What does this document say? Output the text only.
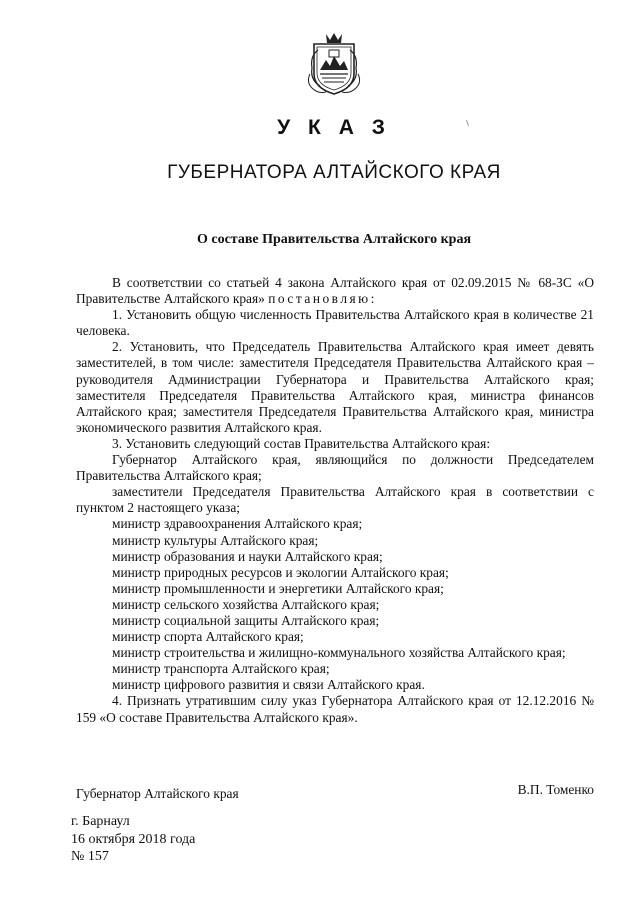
У К А З
ГУБЕРНАТОРА АЛТАЙСКОГО КРАЯ
О составе Правительства Алтайского края

В соответствии со статьей 4 закона Алтайского края от 02.09.2015 № 68-ЗС «О Правительстве Алтайского края» постановляю:

1. Установить общую численность Правительства Алтайского края в количестве 21 человека.

2. Установить, что Председатель Правительства Алтайского края имеет девять заместителей, в том числе: заместителя Председателя Правительства Алтайского края – руководителя Администрации Губернатора и Правительства Алтайского края; заместителя Председателя Правительства Алтайского края, министра финансов Алтайского края; заместителя Председателя Правительства Алтайского края, министра экономического развития Алтайского края.

3. Установить следующий состав Правительства Алтайского края:

Губернатор Алтайского края, являющийся по должности Председателем Правительства Алтайского края;

заместители Председателя Правительства Алтайского края в соответствии с пунктом 2 настоящего указа;

министр здравоохранения Алтайского края;

министр культуры Алтайского края;

министр образования и науки Алтайского края;

министр природных ресурсов и экологии Алтайского края;

министр промышленности и энергетики Алтайского края;

министр сельского хозяйства Алтайского края;

министр социальной защиты Алтайского края;

министр спорта Алтайского края;

министр строительства и жилищно-коммунального хозяйства Алтайского края;

министр транспорта Алтайского края;

министр цифрового развития и связи Алтайского края.

4. Признать утратившим силу указ Губернатора Алтайского края от 12.12.2016 № 159 «О составе Правительства Алтайского края».

Губернатор Алтайского края	В.П. Томенко
г. Барнаул
16 октября 2018 года
№ 157
